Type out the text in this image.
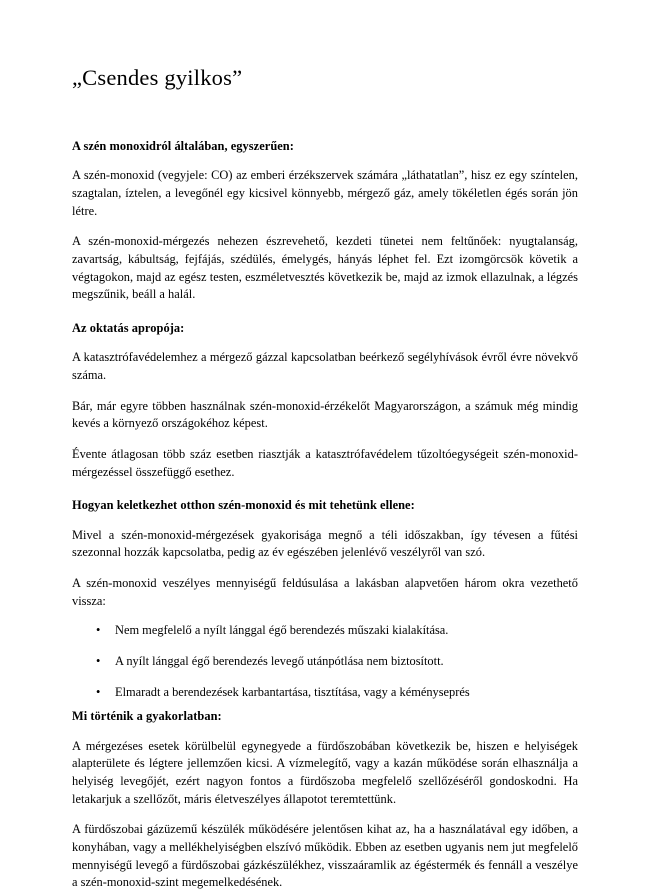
„Csendes gyilkos”
A szén monoxidról általában, egyszerűen:

A szén-monoxid (vegyjele: CO) az emberi érzékszervek számára „láthatatlan”, hisz ez egy színtelen, szagtalan, íztelen, a levegőnél egy kicsivel könnyebb, mérgező gáz, amely tökéletlen égés során jön létre.

A szén-monoxid-mérgezés nehezen észrevehető, kezdeti tünetei nem feltűnőek: nyugtalanság, zavartság, kábultság, fejfájás, szédülés, émelygés, hányás léphet fel. Ezt izomgörcsök követik a végtagokon, majd az egész testen, eszméletvesztés következik be, majd az izmok ellazulnak, a légzés megszűnik, beáll a halál.

Az oktatás apropója:

A katasztrófavédelemhez a mérgező gázzal kapcsolatban beérkező segélyhívások évről évre növekvő száma.

Bár, már egyre többen használnak szén-monoxid-érzékelőt Magyarországon, a számuk még mindig kevés a környező országokéhoz képest.

Évente átlagosan több száz esetben riasztják a katasztrófavédelem tűzoltóegységeit szén-monoxid-mérgezéssel összefüggő esethez.

Hogyan keletkezhet otthon szén-monoxid és mit tehetünk ellene:

Mivel a szén-monoxid-mérgezések gyakorisága megnő a téli időszakban, így tévesen a fűtési szezonnal hozzák kapcsolatba, pedig az év egészében jelenlévő veszélyről van szó.

A szén-monoxid veszélyes mennyiségű feldúsulása a lakásban alapvetően három okra vezethető vissza:

• Nem megfelelő a nyílt lánggal égő berendezés műszaki kialakítása.
• A nyílt lánggal égő berendezés levegő utánpótlása nem biztosított.
• Elmaradt a berendezések karbantartása, tisztítása, vagy a kéményseprés
Mi történik a gyakorlatban:

A mérgezéses esetek körülbelül egynegyede a fürdőszobában következik be, hiszen e helyiségek alapterülete és légtere jellemzően kicsi. A vízmelegítő, vagy a kazán működése során elhasználja a helyiség levegőjét, ezért nagyon fontos a fürdőszoba megfelelő szellőzéséről gondoskodni. Ha letakarjuk a szellőzőt, máris életveszélyes állapotot teremtettünk.

A fürdőszobai gázüzemű készülék működésére jelentősen kihat az, ha a használatával egy időben, a konyhában, vagy a mellékhelyiségben elszívó működik. Ebben az esetben ugyanis nem jut megfelelő mennyiségű levegő a fürdőszobai gázkészülékhez, visszaáramlik az égéstermék és fennáll a veszélye a szén-monoxid-szint megemelkedésének.
